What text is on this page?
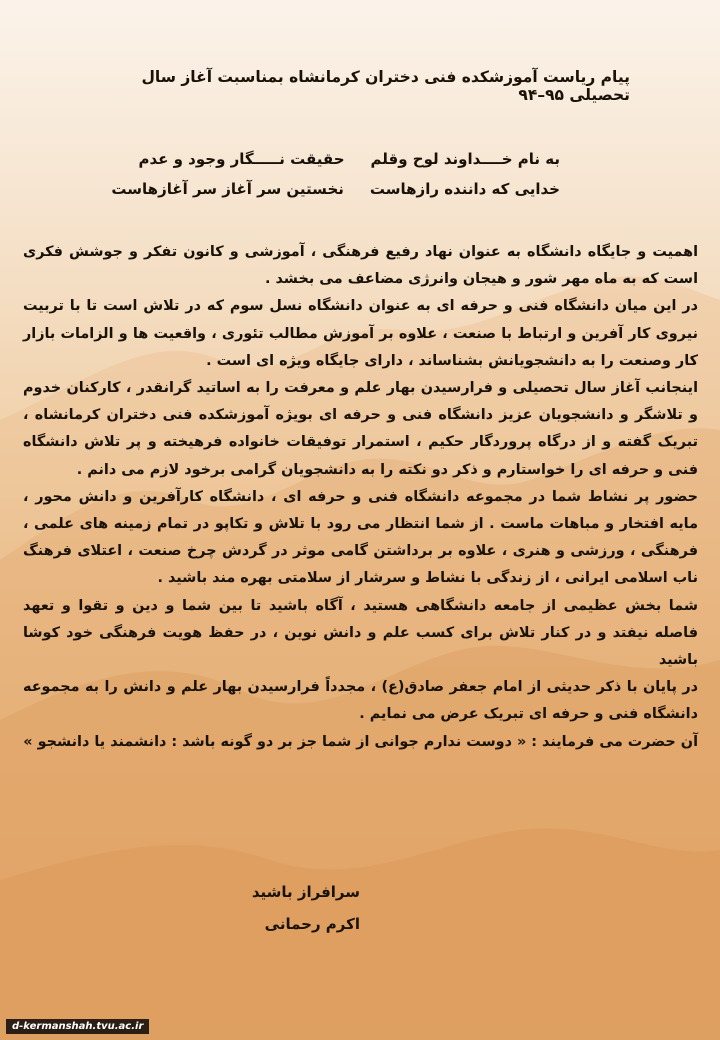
پیام ریاست آموزشکده فنی دختران کرمانشاه بمناسبت آغاز سال تحصیلی ۹۵–۹۴
به نام خــــداوند لوح وقلم
حقیقت نـــــگار وجود و عدم
خدایی که داننده رازهاست
نخستین سر آغاز سر آغازهاست

اهمیت و جایگاه دانشگاه به عنوان نهاد رفیع فرهنگی ، آموزشی و کانون تفکر و جوشش فکری است که به ماه مهر شور و هیجان وانرژی مضاعف می بخشد .

در این میان دانشگاه فنی و حرفه ای به عنوان دانشگاه نسل سوم که در تلاش است تا با تربیت نیروی کار آفرین و ارتباط با صنعت ، علاوه بر آموزش مطالب تئوری ، واقعیت ها و الزامات بازار کار وصنعت را به دانشجویانش بشناساند ، دارای جایگاه ویژه ای است .

اینجانب آغاز سال تحصیلی و فرارسیدن بهار علم و معرفت را به اساتید گرانقدر ، کارکنان خدوم و تلاشگر و دانشجویان عزیز دانشگاه فنی و حرفه ای بویژه آموزشکده فنی دختران کرمانشاه ، تبریک گفته و از درگاه پروردگار حکیم ، استمرار توفیقات خانواده فرهیخته و پر تلاش دانشگاه فنی و حرفه ای را خواستارم و ذکر دو نکته را به دانشجویان گرامی برخود لازم می دانم .

حضور پر نشاط شما در مجموعه دانشگاه فنی و حرفه ای ، دانشگاه کارآفرین و دانش محور ، مایه افتخار و مباهات ماست . از شما انتظار می رود با تلاش و تکاپو در تمام زمینه های علمی ، فرهنگی ، ورزشی و هنری ، علاوه بر برداشتن گامی موثر در گردش چرخ صنعت ، اعتلای فرهنگ ناب اسلامی ایرانی ، از زندگی با نشاط و سرشار از سلامتی بهره مند باشید .

شما بخش عظیمی از جامعه دانشگاهی هستید ، آگاه باشید تا بین شما و دین و تقوا و تعهد فاصله نیفتد و در کنار تلاش برای کسب علم و دانش نوین ، در حفظ هویت فرهنگی خود کوشا باشید

در پایان با ذکر حدیثی از امام جعفر صادق(ع) ، مجدداً فرارسیدن بهار علم و دانش را به مجموعه دانشگاه فنی و حرفه ای تبریک عرض می نمایم .

آن حضرت می فرمایند : « دوست ندارم جوانی از شما جز بر دو گونه باشد : دانشمند یا دانشجو »

سرافراز باشید
اکرم رحمانی
d-kermanshah.tvu.ac.ir
